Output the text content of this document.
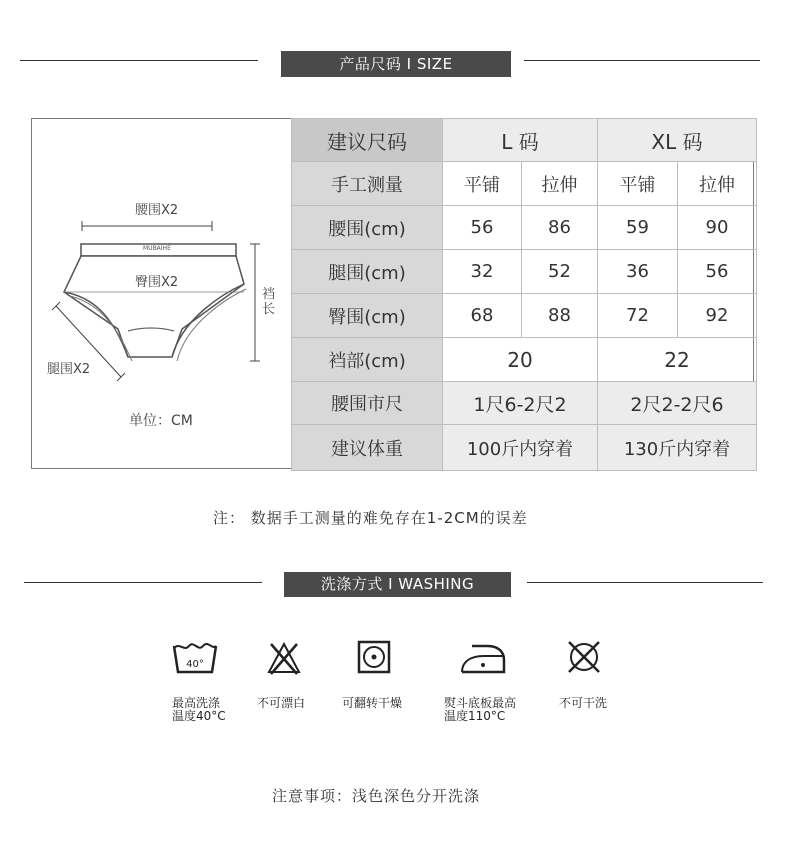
产品尺码 I SIZE
腰围X2
MUBAIHE
臀围X2
裆长
腿围X2
单位：CM
建议尺码	L 码		XL 码	
手工测量	平铺	拉伸	平铺	拉伸
腰围(cm)	56	86	59	90
腿围(cm)	32	52	36	56
臀围(cm)	68	88	72	92
裆部(cm)	20		22	
腰围市尺	1尺6-2尺2		2尺2-2尺6	
建议体重	100斤内穿着		130斤内穿着	
注： 数据手工测量的难免存在1-2CM的误差
洗涤方式 I WASHING
40°
最高洗涤
温度40°C
不可漂白	可翻转干燥	熨斗底板最高
温度110°C
不可干洗
注意事项：浅色深色分开洗涤
